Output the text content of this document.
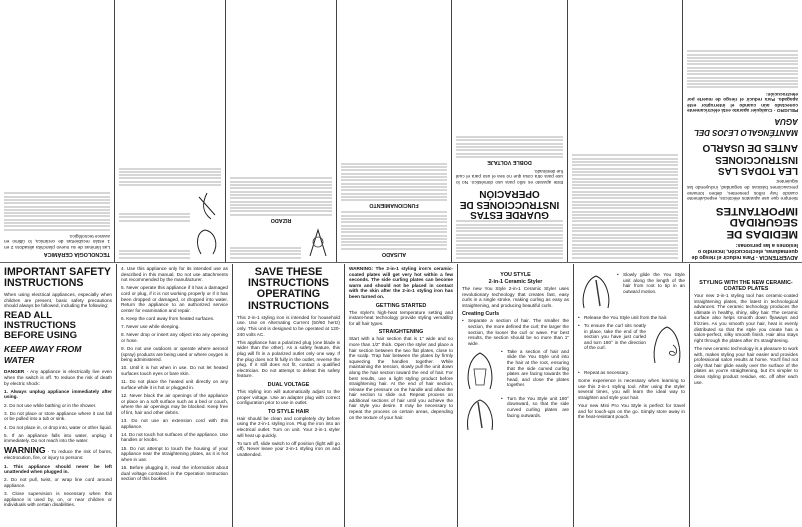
ADVERTENCIA - Para reducir el riesgo de quemaduras, electrocución, incendio o lesiones a las personas:
MEDIDAS DE SEGURIDAD IMPORTANTES

Siempre que use aparatos eléctricos, especialmente cuando hay niños presentes, deben tomarse precauciones básicas de seguridad, incluyendo las siguientes:

LEA TODAS LAS INSTRUCCIONES ANTES DE USARLO
MANTÉNGALO LEJOS DEL AGUA

PELIGRO - Cualquier aparato está eléctricamente conectado aún cuando el interruptor esté apagado. Para reducir el riesgo de muerte por electrocución:

GUARDE ESTAS INSTRUCCIONES DE OPERACIÓN

Este aparato es sólo para uso doméstico. No lo use para otra cosa que no sea el uso para el cual fue destinado.

DOBLE VOLTAJE
ALISADO
FUNCIONAMIENTO
RIZADO
TECNOLOGÍA CERÁMICA

Las láminas de su nuevo planchita alisadora 2 en 1 están recubiertas de cerámica, lo último en avance tecnológico.

IMPORTANT SAFETY INSTRUCTIONS

When using electrical appliances, especially when children are present, basic safety precautions should always be followed, including the following:

READ ALL INSTRUCTIONS BEFORE USING
KEEP AWAY FROM WATER

DANGER - Any appliance is electrically live even when the switch is off. To reduce the risk of death by electric shock:

1. Always unplug appliance immediately after using.

2. Do not use while bathing or in the shower.

3. Do not place or store appliance where it can fall or be pulled into a tub or sink.

4. Do not place in, or drop into, water or other liquid.

5. If an appliance falls into water, unplug it immediately. Do not reach into the water.

WARNING - To reduce the risk of burns, electrocution, fire, or injury to persons:

1. This appliance should never be left unattended when plugged in.

2. Do not pull, twist, or wrap line cord around appliance.

3. Close supervision is necessary when this appliance is used by, on, or near children or individuals with certain disabilities.

4. Use this appliance only for its intended use as described in this manual. Do not use attachments not recommended by the manufacturer.

5. Never operate this appliance if it has a damaged cord or plug, if it is not working properly or if it has been dropped or damaged, or dropped into water. Return the appliance to an authorized service center for examination and repair.

6. Keep the cord away from heated surfaces.

7. Never use while sleeping.

8. Never drop or insert any object into any opening or hose.

9. Do not use outdoors or operate where aerosol (spray) products are being used or where oxygen is being administered.

10. Until it is hot when in use. Do not let heated surfaces touch eyes or bare skin.

11. Do not place the heated unit directly on any surface while it is hot or plugged in.

12. Never block the air openings of the appliance or place on a soft surface such as a bed or couch, where the air openings may be blocked. Keep free of lint, hair and other debris.

13. Do not use an extension cord with this appliance.

14. Do not touch hot surfaces of the appliance. Use handles or knobs.

15. Do not attempt to touch the housing of your appliance near the straightening plates, as it is hot when in use.

16. Before plugging it, read the information about dual voltage contained in the Operation Instruction section of this booklet.

SAVE THESE INSTRUCTIONS OPERATING INSTRUCTIONS

This 2-in-1 styling iron is intended for household use. Use on Alternating Current (50/60 hertz) only. This unit is designed to be operated at 120-240 volts AC.

This appliance has a polarized plug (one blade is wider than the other). As a safety feature, this plug will fit in a polarized outlet only one way. If the plug does not fit fully in the outlet, reverse the plug. If it still does not fit, contact a qualified electrician. Do not attempt to defeat this safety feature.

DUAL VOLTAGE

This styling iron will automatically adjust to the proper voltage. Use an adapter plug with correct configuration prior to use in outlet.

TO STYLE HAIR

Hair should be clean and completely dry before using the 2-in-1 styling iron. Plug the iron into an electrical outlet. Turn on unit. Your 2-in-1 styler will heat up quickly.

To turn off, slide switch to off position (light will go off). Never leave your 2-in-1 styling iron on and unattended.

WARNING: The 2-in-1 styling iron's ceramic-coated plates will get very hot within a few seconds. The side curling plates can become warm and should not be placed in contact with the skin after the 2-in-1 styling iron has been turned on.

GETTING STARTED

The styler's high-heat temperature setting and instant-heat technology provide styling versatility for all hair types.

STRAIGHTENING

Start with a hair section that is 1" wide and no more than 1/2" thick. Open the styler and place a hair section between the two flat plates, close to the scalp. Trap hair between the plates by firmly squeezing the handles together. While maintaining the tension, slowly pull the unit down along the hair section toward the end of hair. For best results, use a light styling product before straightening hair. At the end of hair section, release the pressure on the handle and allow the hair section to slide out. Repeat process on additional sections of hair until you achieve the hair style you desire. It may be necessary to repeat the process on certain areas, depending on the texture of your hair.

YOU STYLE
2-in-1 Ceramic Styler

The new You Style 2-in-1 Ceramic Styler uses revolutionary technology that creates fast, easy curls in a single stroke, making curling as easy as straightening, and producing beautiful curls.

Creating Curls
• Separate a section of hair. The smaller the section, the more defined the curl; the larger the section, the looser the curl or wave. For best results, the section should be no more than 1" wide.
• Take a section of hair and slide the You Style unit into the hair at the root, ensuring that the side curved curling plates are facing towards the head, and close the plates together.
• Turn the You Style unit 180° downward, so that the side curved curling plates are facing outwards.
• Slowly glide the You Style unit along the length of the hair from root to tip in an outward motion.
• Release the You Style unit from the hair.
• To ensure the curl sits neatly in place, take the end of the section you have just curled and turn 180° in the direction of the curl.
• Repeat as necessary.

Some experience is necessary when learning to use this 2-in-1 styling tool. After using the styler several times, you will learn the ideal way to straighten and style your hair.

Your new Mini Pro You Style is perfect for travel and for touch-ups on the go. Simply store away in the heat-resistant pouch.

STYLING WITH THE NEW CERAMIC-COATED PLATES

Your new 2-in-1 styling tool has ceramic-coated straightening plates, the latest in technological advances. The ceramic technology produces the ultimate in healthy, shiny, silky hair. The ceramic surface also helps smooth down flyaways and frizzies. As you smooth your hair, heat is evenly distributed so that the style you create has a salon-perfect, silky smooth finish. Hair also stays right through the plates after it's straightening.

The new ceramic technology is a pleasure to work with, makes styling your hair easier and provides professional salon results at home. You'll find not only that hair glide easily over the surface of the plates as you're straightening, but it's simpler to clean styling product residue, etc. off after each use.
